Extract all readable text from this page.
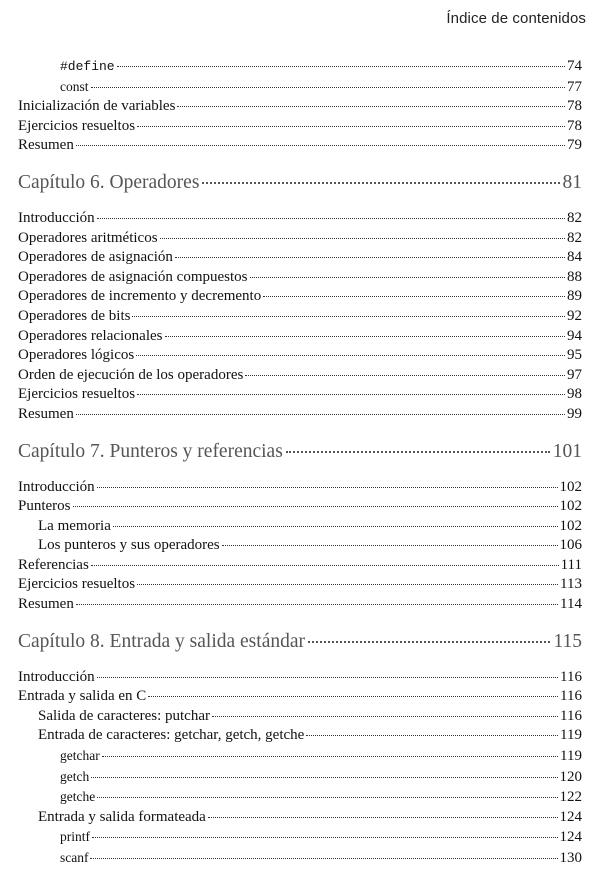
Índice de contenidos
#define	74
const	77
Inicialización de variables	78
Ejercicios resueltos	78
Resumen	79
Capítulo 6. Operadores	81
Introducción	82
Operadores aritméticos	82
Operadores de asignación	84
Operadores de asignación compuestos	88
Operadores de incremento y decremento	89
Operadores de bits	92
Operadores relacionales	94
Operadores lógicos	95
Orden de ejecución de los operadores	97
Ejercicios resueltos	98
Resumen	99
Capítulo 7. Punteros y referencias	101
Introducción	102
Punteros	102
La memoria	102
Los punteros y sus operadores	106
Referencias	111
Ejercicios resueltos	113
Resumen	114
Capítulo 8. Entrada y salida estándar	115
Introducción	116
Entrada y salida en C	116
Salida de caracteres: putchar	116
Entrada de caracteres: getchar, getch, getche	119
getchar	119
getch	120
getche	122
Entrada y salida formateada	124
printf	124
scanf	130
